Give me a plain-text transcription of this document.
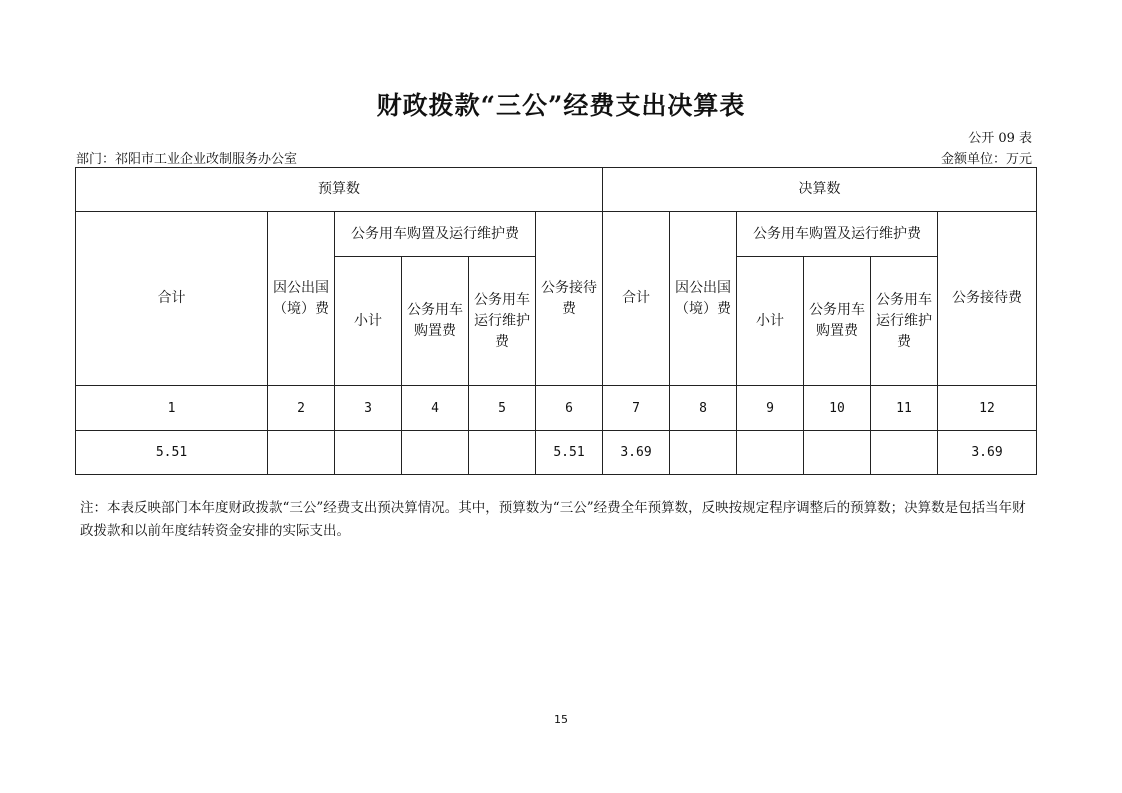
财政拨款“三公”经费支出决算表
公开 09 表
部门：祁阳市工业企业改制服务办公室	金额单位：万元
预算数						决算数					
合计	因公出国（境）费	公务用车购置及运行维护费			公务接待费	合计	因公出国（境）费	公务用车购置及运行维护费			公务接待费
		小计	公务用车购置费	公务用车运行维护费				小计	公务用车购置费	公务用车运行维护费	
1	2	3	4	5	6	7	8	9	10	11	12
5.51					5.51	3.69					3.69
注：本表反映部门本年度财政拨款“三公”经费支出预决算情况。其中，预算数为“三公”经费全年预算数，反映按规定程序调整后的预算数；决算数是包括当年财政拨款和以前年度结转资金安排的实际支出。
15
